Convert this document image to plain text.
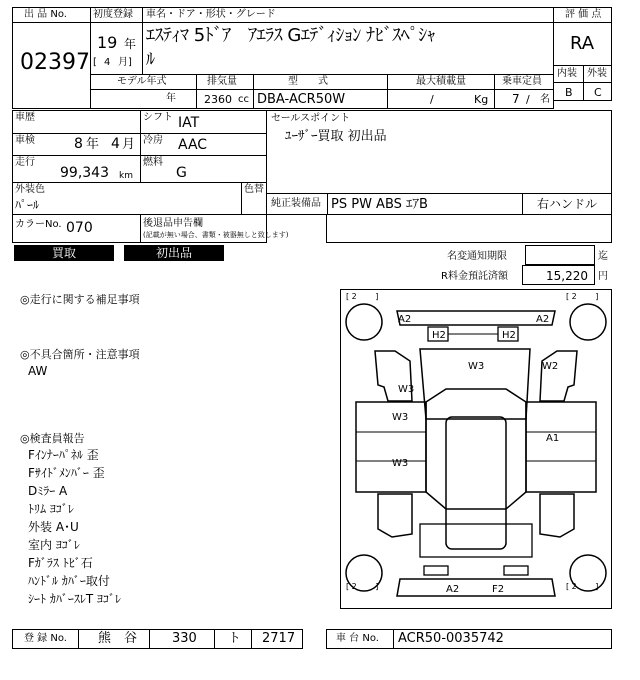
出 品 No.
02397
初度登録
19 年
[ 4 月]
車名・ドア・形状・グレード
ｴｽﾃｨﾏ 5ﾄﾞｱ　ｱｴﾗｽ Gｴﾃﾞｨｼｮﾝ ﾅﾋﾞｽﾍﾟｼｬ
ﾙ
評 価 点
RA
内装 外装
B C
モデル年式	排気量	型　　式	最大積載量	乗車定員
年	2360 cc DBA-ACR50W	/	Kg 7 / 名
車歴	シフト IAT
車検	8 年 4 月 冷房 AAC
走行
99,343 km
燃料
G
外装色
ﾊﾟｰﾙ
色替
カラーNo. 070	後退品申告欄
(記載が無い場合、書類・被器無しと致します)
セールスポイント
ﾕｰｻﾞｰ買取 初出品
純正装備品 PS PW ABS ｴｱB	右ハンドル
買取	初出品	名変通知期限	迄
R料金預託済額	15,220 円
◎走行に関する補足事項
◎不具合箇所・注意事項
AW
◎検査員報告
Fｲﾝﾅｰﾊﾟﾈﾙ 歪
Fｻｲﾄﾞﾒﾝﾊﾞｰ 歪
Dﾐﾗｰ A
ﾄﾘﾑ ﾖｺﾞﾚ
外装 A･U
室内 ﾖｺﾞﾚ
Fｶﾞﾗｽ ﾄﾋﾞ石
ﾊﾝﾄﾞﾙ ｶﾊﾞｰ取付
ｼｰﾄ ｶﾊﾞｰｽﾚT ﾖｺﾞﾚ
[ 2 　　]	[ 2 　　]
[ 2 　　]	[ 2 　　]
A2	A2
H2	H2
W3
W3
W2
W3
W3
A1
A2	F2
登 録 No. 熊　谷	330 ト 2717	車 台 No. ACR50-0035742
